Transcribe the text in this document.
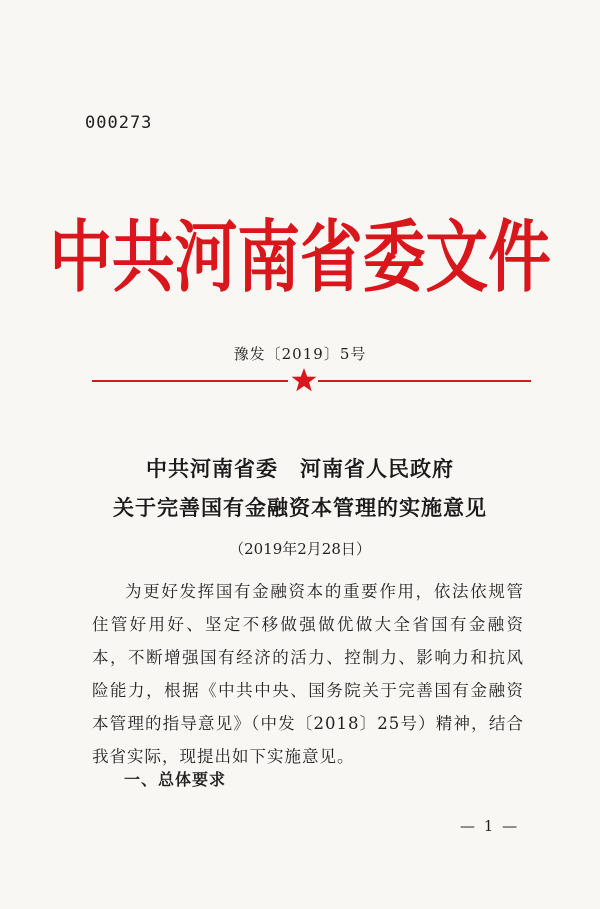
000273
中共河南省委文件
豫发〔2019〕5号
中共河南省委　河南省人民政府
关于完善国有金融资本管理的实施意见
（2019年2月28日）
为更好发挥国有金融资本的重要作用，依法依规管住管好用好、坚定不移做强做优做大全省国有金融资本，不断增强国有经济的活力、控制力、影响力和抗风险能力，根据《中共中央、国务院关于完善国有金融资本管理的指导意见》（中发〔2018〕25号）精神，结合我省实际，现提出如下实施意见。
一、总体要求
— 1 —
